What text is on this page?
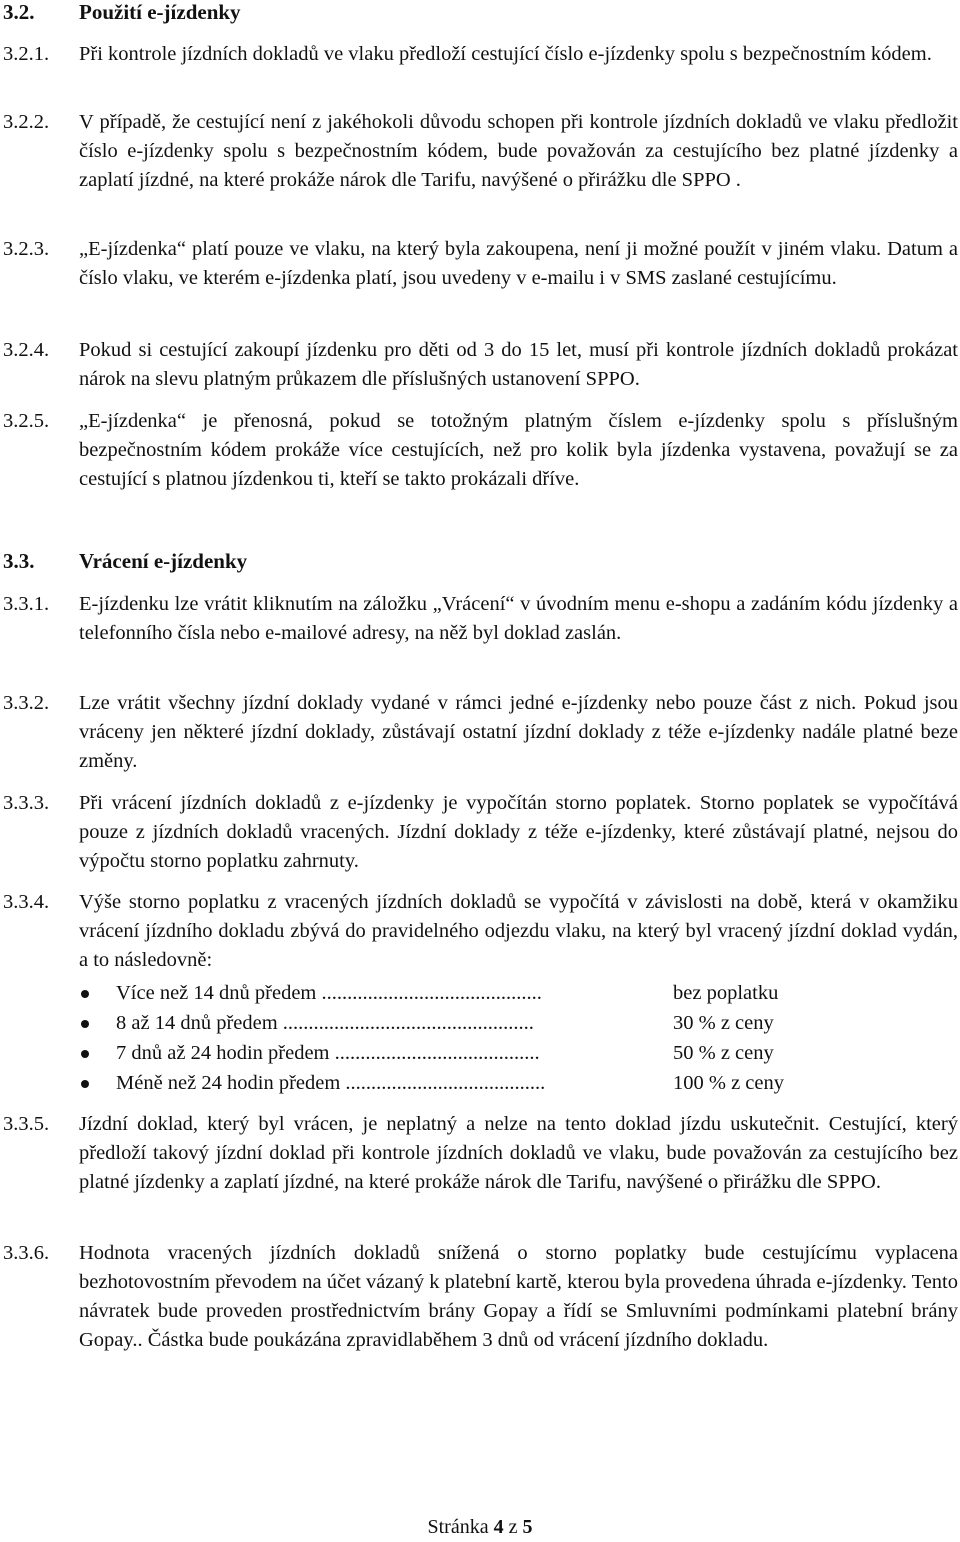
3.2. Použití e-jízdenky
3.2.1. Při kontrole jízdních dokladů ve vlaku předloží cestující číslo e-jízdenky spolu s bezpečnostním kódem.
3.2.2. V případě, že cestující není z jakéhokoli důvodu schopen při kontrole jízdních dokladů ve vlaku předložit číslo e-jízdenky spolu s bezpečnostním kódem, bude považován za cestujícího bez platné jízdenky a zaplatí jízdné, na které prokáže nárok dle Tarifu, navýšené o přirážku dle SPPO .
3.2.3. „E-jízdenka“ platí pouze ve vlaku, na který byla zakoupena, není ji možné použít v jiném vlaku. Datum a číslo vlaku, ve kterém e-jízdenka platí, jsou uvedeny v e-mailu i v SMS zaslané cestujícímu.
3.2.4. Pokud si cestující zakoupí jízdenku pro děti od 3 do 15 let, musí při kontrole jízdních dokladů prokázat nárok na slevu platným průkazem dle příslušných ustanovení SPPO.
3.2.5. „E-jízdenka“ je přenosná, pokud se totožným platným číslem e-jízdenky spolu s příslušným bezpečnostním kódem prokáže více cestujících, než pro kolik byla jízdenka vystavena, považují se za cestující s platnou jízdenkou ti, kteří se takto prokázali dříve.
3.3. Vrácení e-jízdenky
3.3.1. E-jízdenku lze vrátit kliknutím na záložku „Vrácení“ v úvodním menu e-shopu a zadáním kódu jízdenky a telefonního čísla nebo e-mailové adresy, na něž byl doklad zaslán.
3.3.2. Lze vrátit všechny jízdní doklady vydané v rámci jedné e-jízdenky nebo pouze část z nich. Pokud jsou vráceny jen některé jízdní doklady, zůstávají ostatní jízdní doklady z téže e-jízdenky nadále platné beze změny.
3.3.3. Při vrácení jízdních dokladů z e-jízdenky je vypočítán storno poplatek. Storno poplatek se vypočítává pouze z jízdních dokladů vracených. Jízdní doklady z téže e-jízdenky, které zůstávají platné, nejsou do výpočtu storno poplatku zahrnuty.
3.3.4. Výše storno poplatku z vracených jízdních dokladů se vypočítá v závislosti na době, která v okamžiku vrácení jízdního dokladu zbývá do pravidelného odjezdu vlaku, na který byl vracený jízdní doklad vydán, a to následovně:
Více než 14 dnů předem ...........................................	bez poplatku
8 až 14 dnů předem .................................................	30 % z ceny
7 dnů až 24 hodin předem ........................................	50 % z ceny
Méně než 24 hodin předem .......................................	100 % z ceny
3.3.5. Jízdní doklad, který byl vrácen, je neplatný a nelze na tento doklad jízdu uskutečnit. Cestující, který předloží takový jízdní doklad při kontrole jízdních dokladů ve vlaku, bude považován za cestujícího bez platné jízdenky a zaplatí jízdné, na které prokáže nárok dle Tarifu, navýšené o přirážku dle SPPO.
3.3.6. Hodnota vracených jízdních dokladů snížená o storno poplatky bude cestujícímu vyplacena bezhotovostním převodem na účet vázaný k platební kartě, kterou byla provedena úhrada e-jízdenky. Tento návratek bude proveden prostřednictvím brány Gopay a řídí se Smluvními podmínkami platební brány Gopay.. Částka bude poukázána zpravidlaběhem 3 dnů od vrácení jízdního dokladu.
Stránka 4 z 5
